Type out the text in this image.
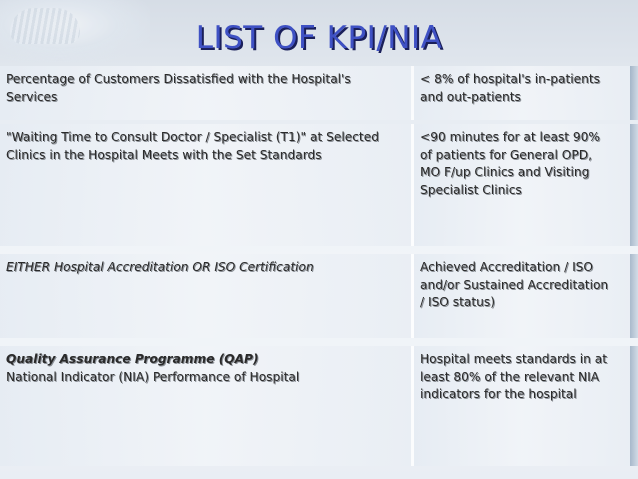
LIST OF KPI/NIA
Percentage of Customers Dissatisfied with the Hospital's
Services
< 8% of hospital's in-patients
and out-patients
"Waiting Time to Consult Doctor / Specialist (T1)" at Selected
Clinics in the Hospital Meets with the Set Standards
<90 minutes for at least 90%
of patients for General OPD,
MO F/up Clinics and Visiting
Specialist Clinics
EITHER Hospital Accreditation OR ISO Certification	Achieved Accreditation / ISO
and/or Sustained Accreditation
/ ISO status)
Quality Assurance Programme (QAP)
National Indicator (NIA) Performance of Hospital
Hospital meets standards in at
least 80% of the relevant NIA
indicators for the hospital
